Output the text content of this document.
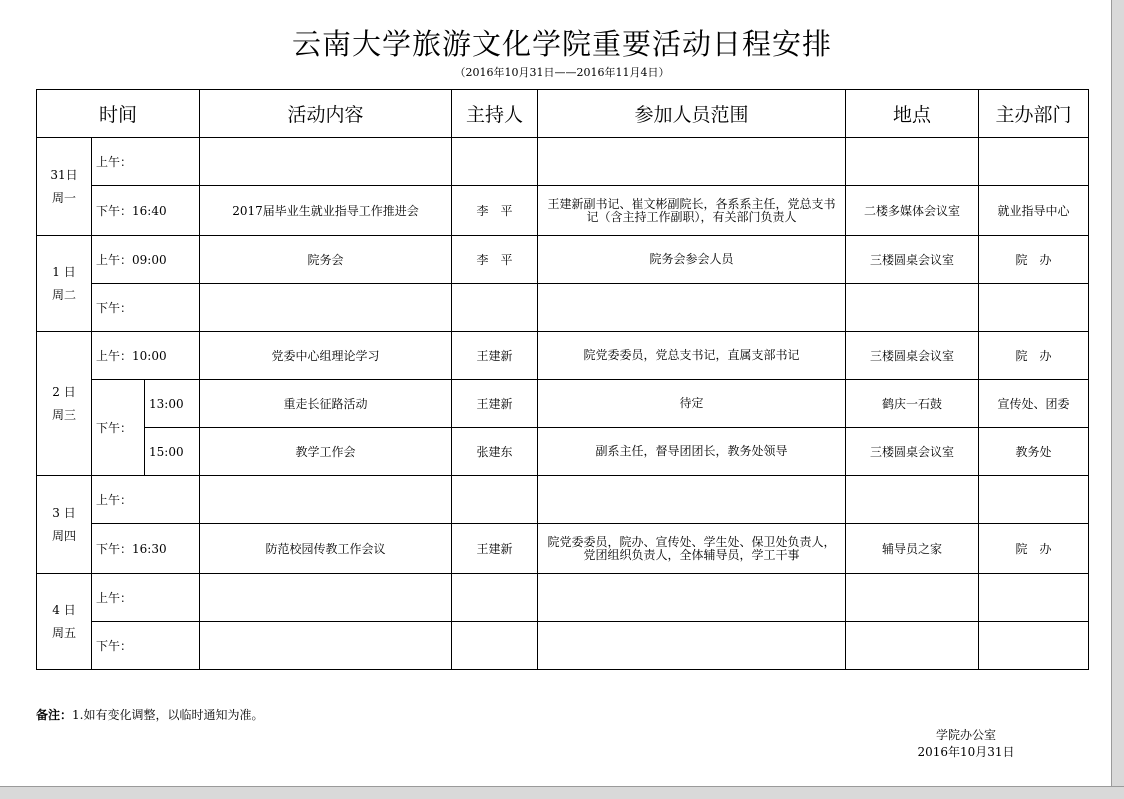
云南大学旅游文化学院重要活动日程安排
（2016年10月31日——2016年11月4日）
时间			活动内容	主持人	参加人员范围	地点	主办部门

31日
周一	上午：						
	下午：16:40		2017届毕业生就业指导工作推进会	李　平	王建新副书记、崔文彬副院长，各系系主任，党总支书记（含主持工作副职），有关部门负责人	二楼多媒体会议室	就业指导中心

1 日
周二	上午：09:00		院务会	李　平	院务会参会人员	三楼圆桌会议室	院　办
	下午：						

2 日
周三	上午：10:00		党委中心组理论学习	王建新	院党委委员，党总支书记，直属支部书记	三楼圆桌会议室	院　办
	下午：	13:00	重走长征路活动	王建新	待定	鹤庆一石鼓	宣传处、团委
		15:00	教学工作会	张建东	副系主任，督导团团长，教务处领导	三楼圆桌会议室	教务处

3 日
周四	上午：						
	下午：16:30		防范校园传教工作会议	王建新	院党委委员，院办、宣传处、学生处、保卫处负责人，党团组织负责人，全体辅导员，学工干事	辅导员之家	院　办

4 日
周五	上午：						
	下午：						
备注：1.如有变化调整，以临时通知为准。
学院办公室
2016年10月31日
